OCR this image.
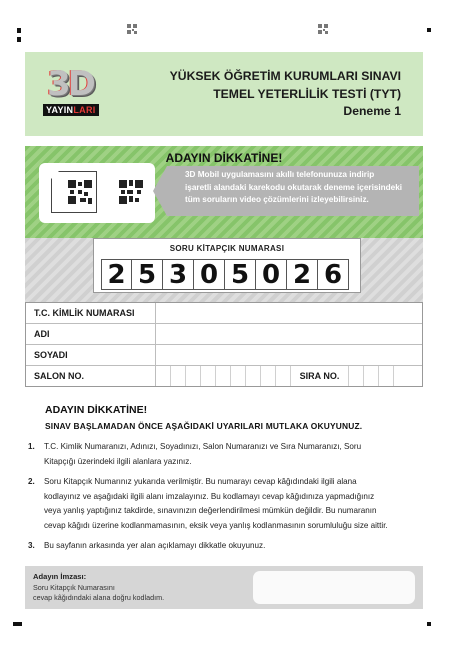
3D
YAYINLARI
YÜKSEK ÖĞRETİM KURUMLARI SINAVI
TEMEL YETERLİLİK TESTİ (TYT)
Deneme 1
ADAYIN DİKKATİNE!
3D Mobil uygulamasını akıllı telefonunuza indirip
işaretli alandaki karekodu okutarak deneme içerisindeki
tüm soruların video çözümlerini izleyebilirsiniz.
SORU KİTAPÇIK NUMARASI
2 5 3 0 5 0 2 6
T.C. KİMLİK NUMARASI
ADI
SOYADI
SALON NO.	SIRA NO.
ADAYIN DİKKATİNE!
SINAV BAŞLAMADAN ÖNCE AŞAĞIDAKİ UYARILARI MUTLAKA OKUYUNUZ.
1. T.C. Kimlik Numaranızı, Adınızı, Soyadınızı, Salon Numaranızı ve Sıra Numaranızı, Soru
Kitapçığı üzerindeki ilgili alanlara yazınız.
2. Soru Kitapçık Numarınız yukarıda verilmiştir. Bu numarayı cevap kâğıdındaki ilgili alana
kodlayınız ve aşağıdaki ilgili alanı imzalayınız. Bu kodlamayı cevap kâğıdınıza yapmadığınız
veya yanlış yaptığınız takdirde, sınavınızın değerlendirilmesi mümkün değildir. Bu numaranın
cevap kâğıdı üzerine kodlanmamasının, eksik veya yanlış kodlanmasının sorumluluğu size aittir.
3. Bu sayfanın arkasında yer alan açıklamayı dikkatle okuyunuz.
Adayın İmzası:
Soru Kitapçık Numarasını
cevap kâğıdındaki alana doğru kodladım.
